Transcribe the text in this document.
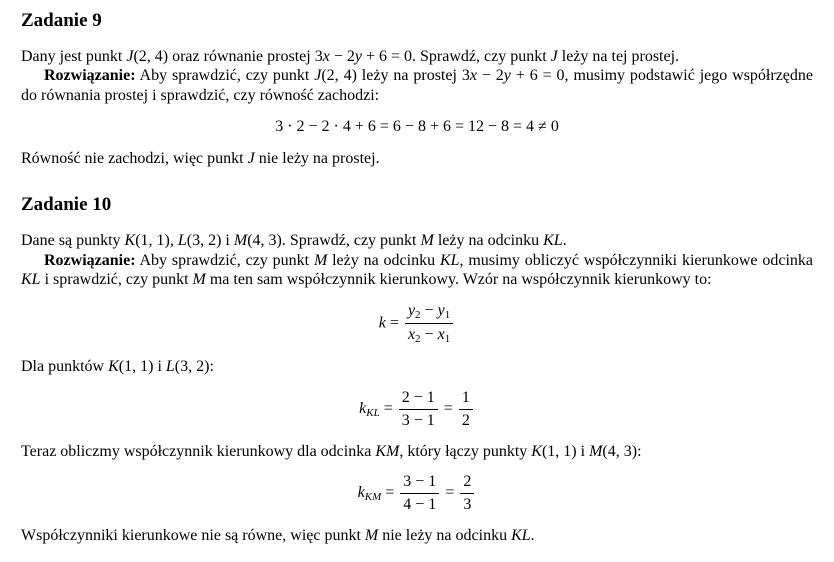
Zadanie 9

Dany jest punkt J(2, 4) oraz równanie prostej 3x − 2y + 6 = 0. Sprawdź, czy punkt J leży na tej prostej.

Rozwiązanie: Aby sprawdzić, czy punkt J(2, 4) leży na prostej 3x − 2y + 6 = 0, musimy podstawić jego współrzędne do równania prostej i sprawdzić, czy równość zachodzi:

3 · 2 − 2 · 4 + 6 = 6 − 8 + 6 = 12 − 8 = 4 ≠ 0

Równość nie zachodzi, więc punkt J nie leży na prostej.

Zadanie 10

Dane są punkty K(1, 1), L(3, 2) i M(4, 3). Sprawdź, czy punkt M leży na odcinku KL.

Rozwiązanie: Aby sprawdzić, czy punkt M leży na odcinku KL, musimy obliczyć współczynniki kierunkowe odcinka KL i sprawdzić, czy punkt M ma ten sam współczynnik kierunkowy. Wzór na współczynnik kierunkowy to:

$k = \frac{y2 - y1}{x2 - x1}$

Dla punktów K(1, 1) i L(3, 2):

kKL = $\frac{2 - 1}{3 - 1} = \frac{1}{2}$

Teraz obliczmy współczynnik kierunkowy dla odcinka KM, który łączy punkty K(1, 1) i M(4, 3):

kKM = $\frac{3 - 1}{4 - 1} = \frac{2}{3}$

Współczynniki kierunkowe nie są równe, więc punkt M nie leży na odcinku KL.
